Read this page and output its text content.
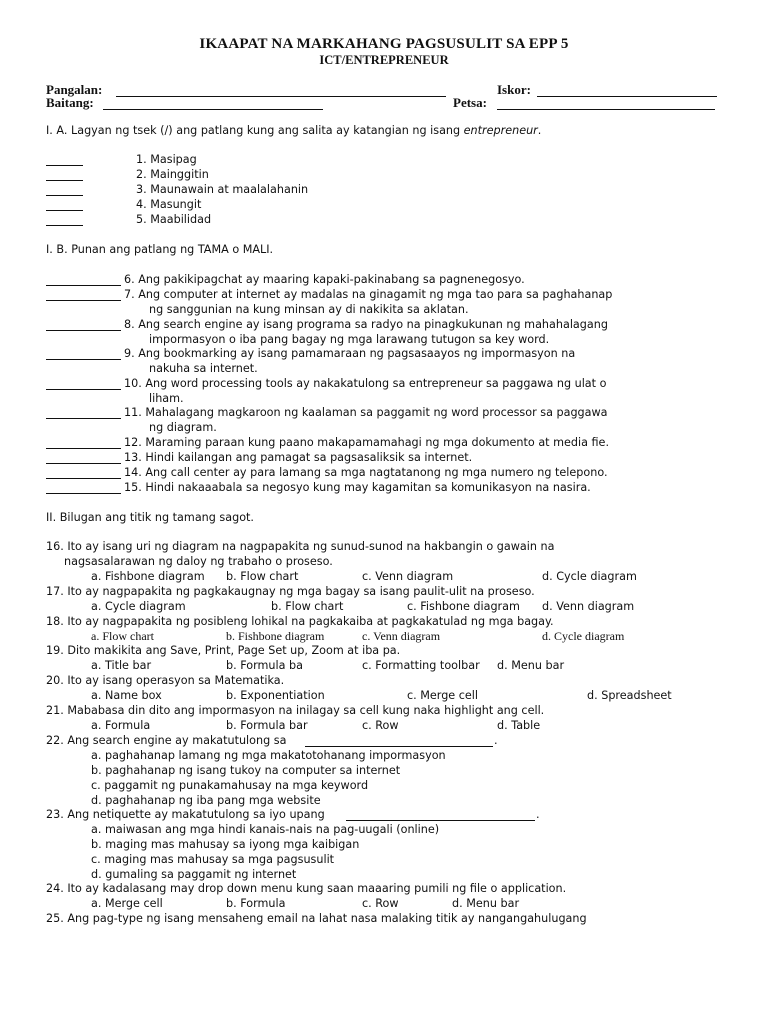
IKAAPAT NA MARKAHANG PAGSUSULIT SA EPP 5
ICT/ENTREPRENEUR
Pangalan:	Iskor:
Baitang:	Petsa:
I. A. Lagyan ng tsek (/) ang patlang kung ang salita ay katangian ng isang entrepreneur.
1. Masipag
2. Mainggitin
3. Maunawain at maalalahanin
4. Masungit
5. Maabilidad
I. B. Punan ang patlang ng TAMA o MALI.
6. Ang pakikipagchat ay maaring kapaki-pakinabang sa pagnenegosyo.
7. Ang computer at internet ay madalas na ginagamit ng mga tao para sa paghahanap
ng sanggunian na kung minsan ay di nakikita sa aklatan.
8. Ang search engine ay isang programa sa radyo na pinagkukunan ng mahahalagang
impormasyon o iba pang bagay ng mga larawang tutugon sa key word.
9. Ang bookmarking ay isang pamamaraan ng pagsasaayos ng impormasyon na
nakuha sa internet.
10. Ang word processing tools ay nakakatulong sa entrepreneur sa paggawa ng ulat o
liham.
11. Mahalagang magkaroon ng kaalaman sa paggamit ng word processor sa paggawa
ng diagram.
12. Maraming paraan kung paano makapamamahagi ng mga dokumento at media fie.
13. Hindi kailangan ang pamagat sa pagsasaliksik sa internet.
14. Ang call center ay para lamang sa mga nagtatanong ng mga numero ng telepono.
15. Hindi nakaaabala sa negosyo kung may kagamitan sa komunikasyon na nasira.
II. Bilugan ang titik ng tamang sagot.
16. Ito ay isang uri ng diagram na nagpapakita ng sunud-sunod na hakbangin o gawain na
nagsasalarawan ng daloy ng trabaho o proseso.
a. Fishbone diagram b. Flow chart	c. Venn diagram	d. Cycle diagram
17. Ito ay nagpapakita ng pagkakaugnay ng mga bagay sa isang paulit-ulit na proseso.
a. Cycle diagram	b. Flow chart	c. Fishbone diagram d. Venn diagram
18. Ito ay nagpapakita ng posibleng lohikal na pagkakaiba at pagkakatulad ng mga bagay.
a. Flow chart	b. Fishbone diagram	c. Venn diagram	d. Cycle diagram
19. Dito makikita ang Save, Print, Page Set up, Zoom at iba pa.
a. Title bar	b. Formula ba	c. Formatting toolbar d. Menu bar
20. Ito ay isang operasyon sa Matematika.
a. Name box	b. Exponentiation	c. Merge cell	d. Spreadsheet
21. Mababasa din dito ang impormasyon na inilagay sa cell kung naka highlight ang cell.
a. Formula	b. Formula bar	c. Row	d. Table
22. Ang search engine ay makatutulong sa	.
a. paghahanap lamang ng mga makatotohanang impormasyon
b. paghahanap ng isang tukoy na computer sa internet
c. paggamit ng punakamahusay na mga keyword
d. paghahanap ng iba pang mga website
23. Ang netiquette ay makatutulong sa iyo upang	.
a. maiwasan ang mga hindi kanais-nais na pag-uugali (online)
b. maging mas mahusay sa iyong mga kaibigan
c. maging mas mahusay sa mga pagsusulit
d. gumaling sa paggamit ng internet
24. Ito ay kadalasang may drop down menu kung saan maaaring pumili ng file o application.
a. Merge cell	b. Formula	c. Row	d. Menu bar
25. Ang pag-type ng isang mensaheng email na lahat nasa malaking titik ay nangangahulugang
